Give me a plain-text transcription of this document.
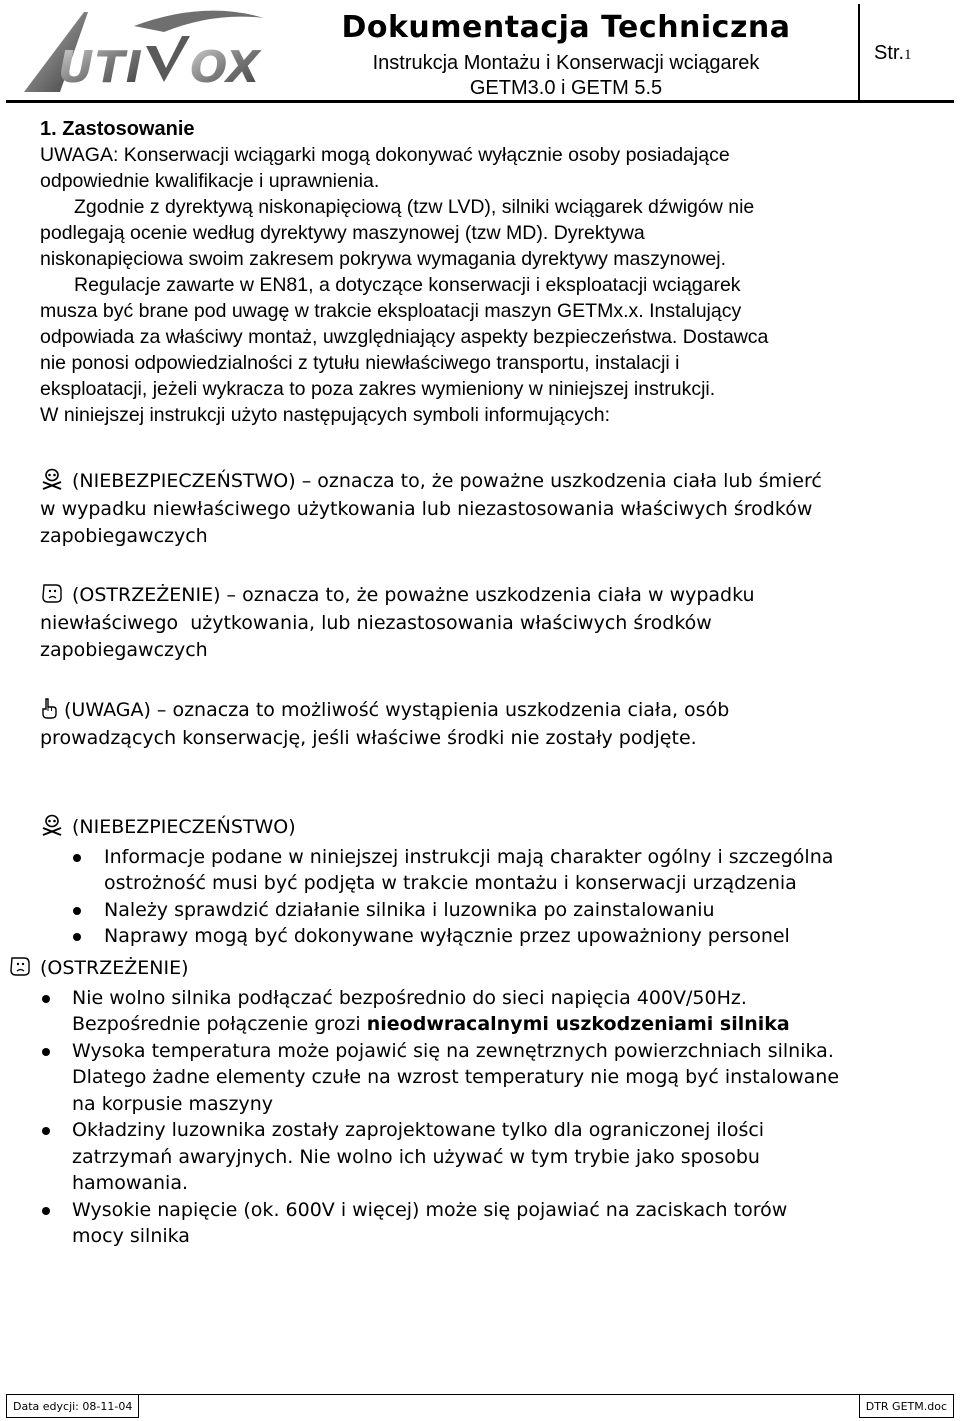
UTI OX
Dokumentacja Techniczna
Instrukcja Montażu i Konserwacji wciągarek
GETM3.0 i GETM 5.5
Str.1

1. Zastosowanie

UWAGA: Konserwacji wciągarki mogą dokonywać wyłącznie osoby posiadające

odpowiednie kwalifikacje i uprawnienia.

Zgodnie z dyrektywą niskonapięciową (tzw LVD), silniki wciągarek dźwigów nie

podlegają ocenie według dyrektywy maszynowej (tzw MD). Dyrektywa

niskonapięciowa swoim zakresem pokrywa wymagania dyrektywy maszynowej.

Regulacje zawarte w EN81, a dotyczące konserwacji i eksploatacji wciągarek

musza być brane pod uwagę w trakcie eksploatacji maszyn GETMx.x. Instalujący

odpowiada za właściwy montaż, uwzględniający aspekty bezpieczeństwa. Dostawca

nie ponosi odpowiedzialności z tytułu niewłaściwego transportu, instalacji i

eksploatacji, jeżeli wykracza to poza zakres wymieniony w niniejszej instrukcji.

W niniejszej instrukcji użyto następujących symboli informujących:

(NIEBEZPIECZEŃSTWO) – oznacza to, że poważne uszkodzenia ciała lub śmierć
w wypadku niewłaściwego użytkowania lub niezastosowania właściwych środków
zapobiegawczych
(OSTRZEŻENIE) – oznacza to, że poważne uszkodzenia ciała w wypadku
niewłaściwego  użytkowania, lub niezastosowania właściwych środków
zapobiegawczych
(UWAGA) – oznacza to możliwość wystąpienia uszkodzenia ciała, osób
prowadzących konserwację, jeśli właściwe środki nie zostały podjęte.
(NIEBEZPIECZEŃSTWO)
Informacje podane w niniejszej instrukcji mają charakter ogólny i szczególna
ostrożność musi być podjęta w trakcie montażu i konserwacji urządzenia
Należy sprawdzić działanie silnika i luzownika po zainstalowaniu
Naprawy mogą być dokonywane wyłącznie przez upoważniony personel
(OSTRZEŻENIE)
Nie wolno silnika podłączać bezpośrednio do sieci napięcia 400V/50Hz.
Bezpośrednie połączenie grozi nieodwracalnymi uszkodzeniami silnika
Wysoka temperatura może pojawić się na zewnętrznych powierzchniach silnika.
Dlatego żadne elementy czułe na wzrost temperatury nie mogą być instalowane
na korpusie maszyny
Okładziny luzownika zostały zaprojektowane tylko dla ograniczonej ilości
zatrzymań awaryjnych. Nie wolno ich używać w tym trybie jako sposobu
hamowania.
Wysokie napięcie (ok. 600V i więcej) może się pojawiać na zaciskach torów
mocy silnika
Data edycji: 08-11-04	DTR GETM.doc
